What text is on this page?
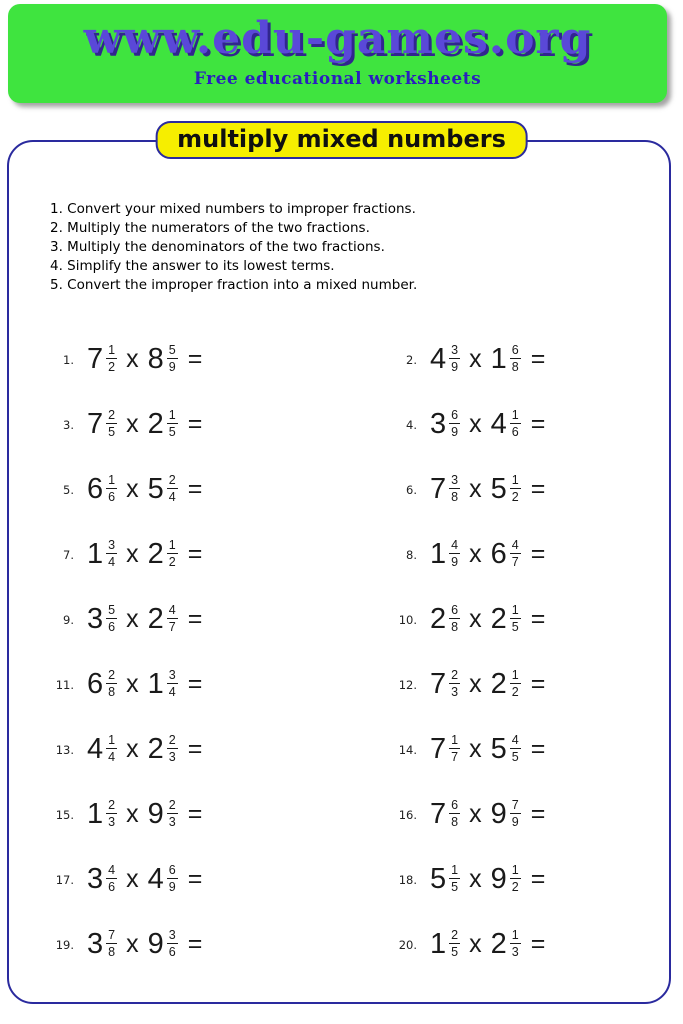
www.edu-games.org
Free educational worksheets
multiply mixed numbers
1. Convert your mixed numbers to improper fractions.
2. Multiply the numerators of the two fractions.
3. Multiply the denominators of the two fractions.
4. Simplify the answer to its lowest terms.
5. Convert the improper fraction into a mixed number.
1. $7 \frac{1}{2}$ x $8 \frac{5}{9}$ =	2. $4 \frac{3}{9}$ x $1 \frac{6}{8}$ =
3. $7 \frac{2}{5}$ x $2 \frac{1}{5}$ =	4. $3 \frac{6}{9}$ x $4 \frac{1}{6}$ =
5. $6 \frac{1}{6}$ x $5 \frac{2}{4}$ =	6. $7 \frac{3}{8}$ x $5 \frac{1}{2}$ =
7. $1 \frac{3}{4}$ x $2 \frac{1}{2}$ =	8. $1 \frac{4}{9}$ x $6 \frac{4}{7}$ =
9. $3 \frac{5}{6}$ x $2 \frac{4}{7}$ =	10. $2 \frac{6}{8}$ x $2 \frac{1}{5}$ =
11. $6 \frac{2}{8}$ x $1 \frac{3}{4}$ =	12. $7 \frac{2}{3}$ x $2 \frac{1}{2}$ =
13. $4 \frac{1}{4}$ x $2 \frac{2}{3}$ =	14. $7 \frac{1}{7}$ x $5 \frac{4}{5}$ =
15. $1 \frac{2}{3}$ x $9 \frac{2}{3}$ =	16. $7 \frac{6}{8}$ x $9 \frac{7}{9}$ =
17. $3 \frac{4}{6}$ x $4 \frac{6}{9}$ =	18. $5 \frac{1}{5}$ x $9 \frac{1}{2}$ =
19. $3 \frac{7}{8}$ x $9 \frac{3}{6}$ =	20. $1 \frac{2}{5}$ x $2 \frac{1}{3}$ =
